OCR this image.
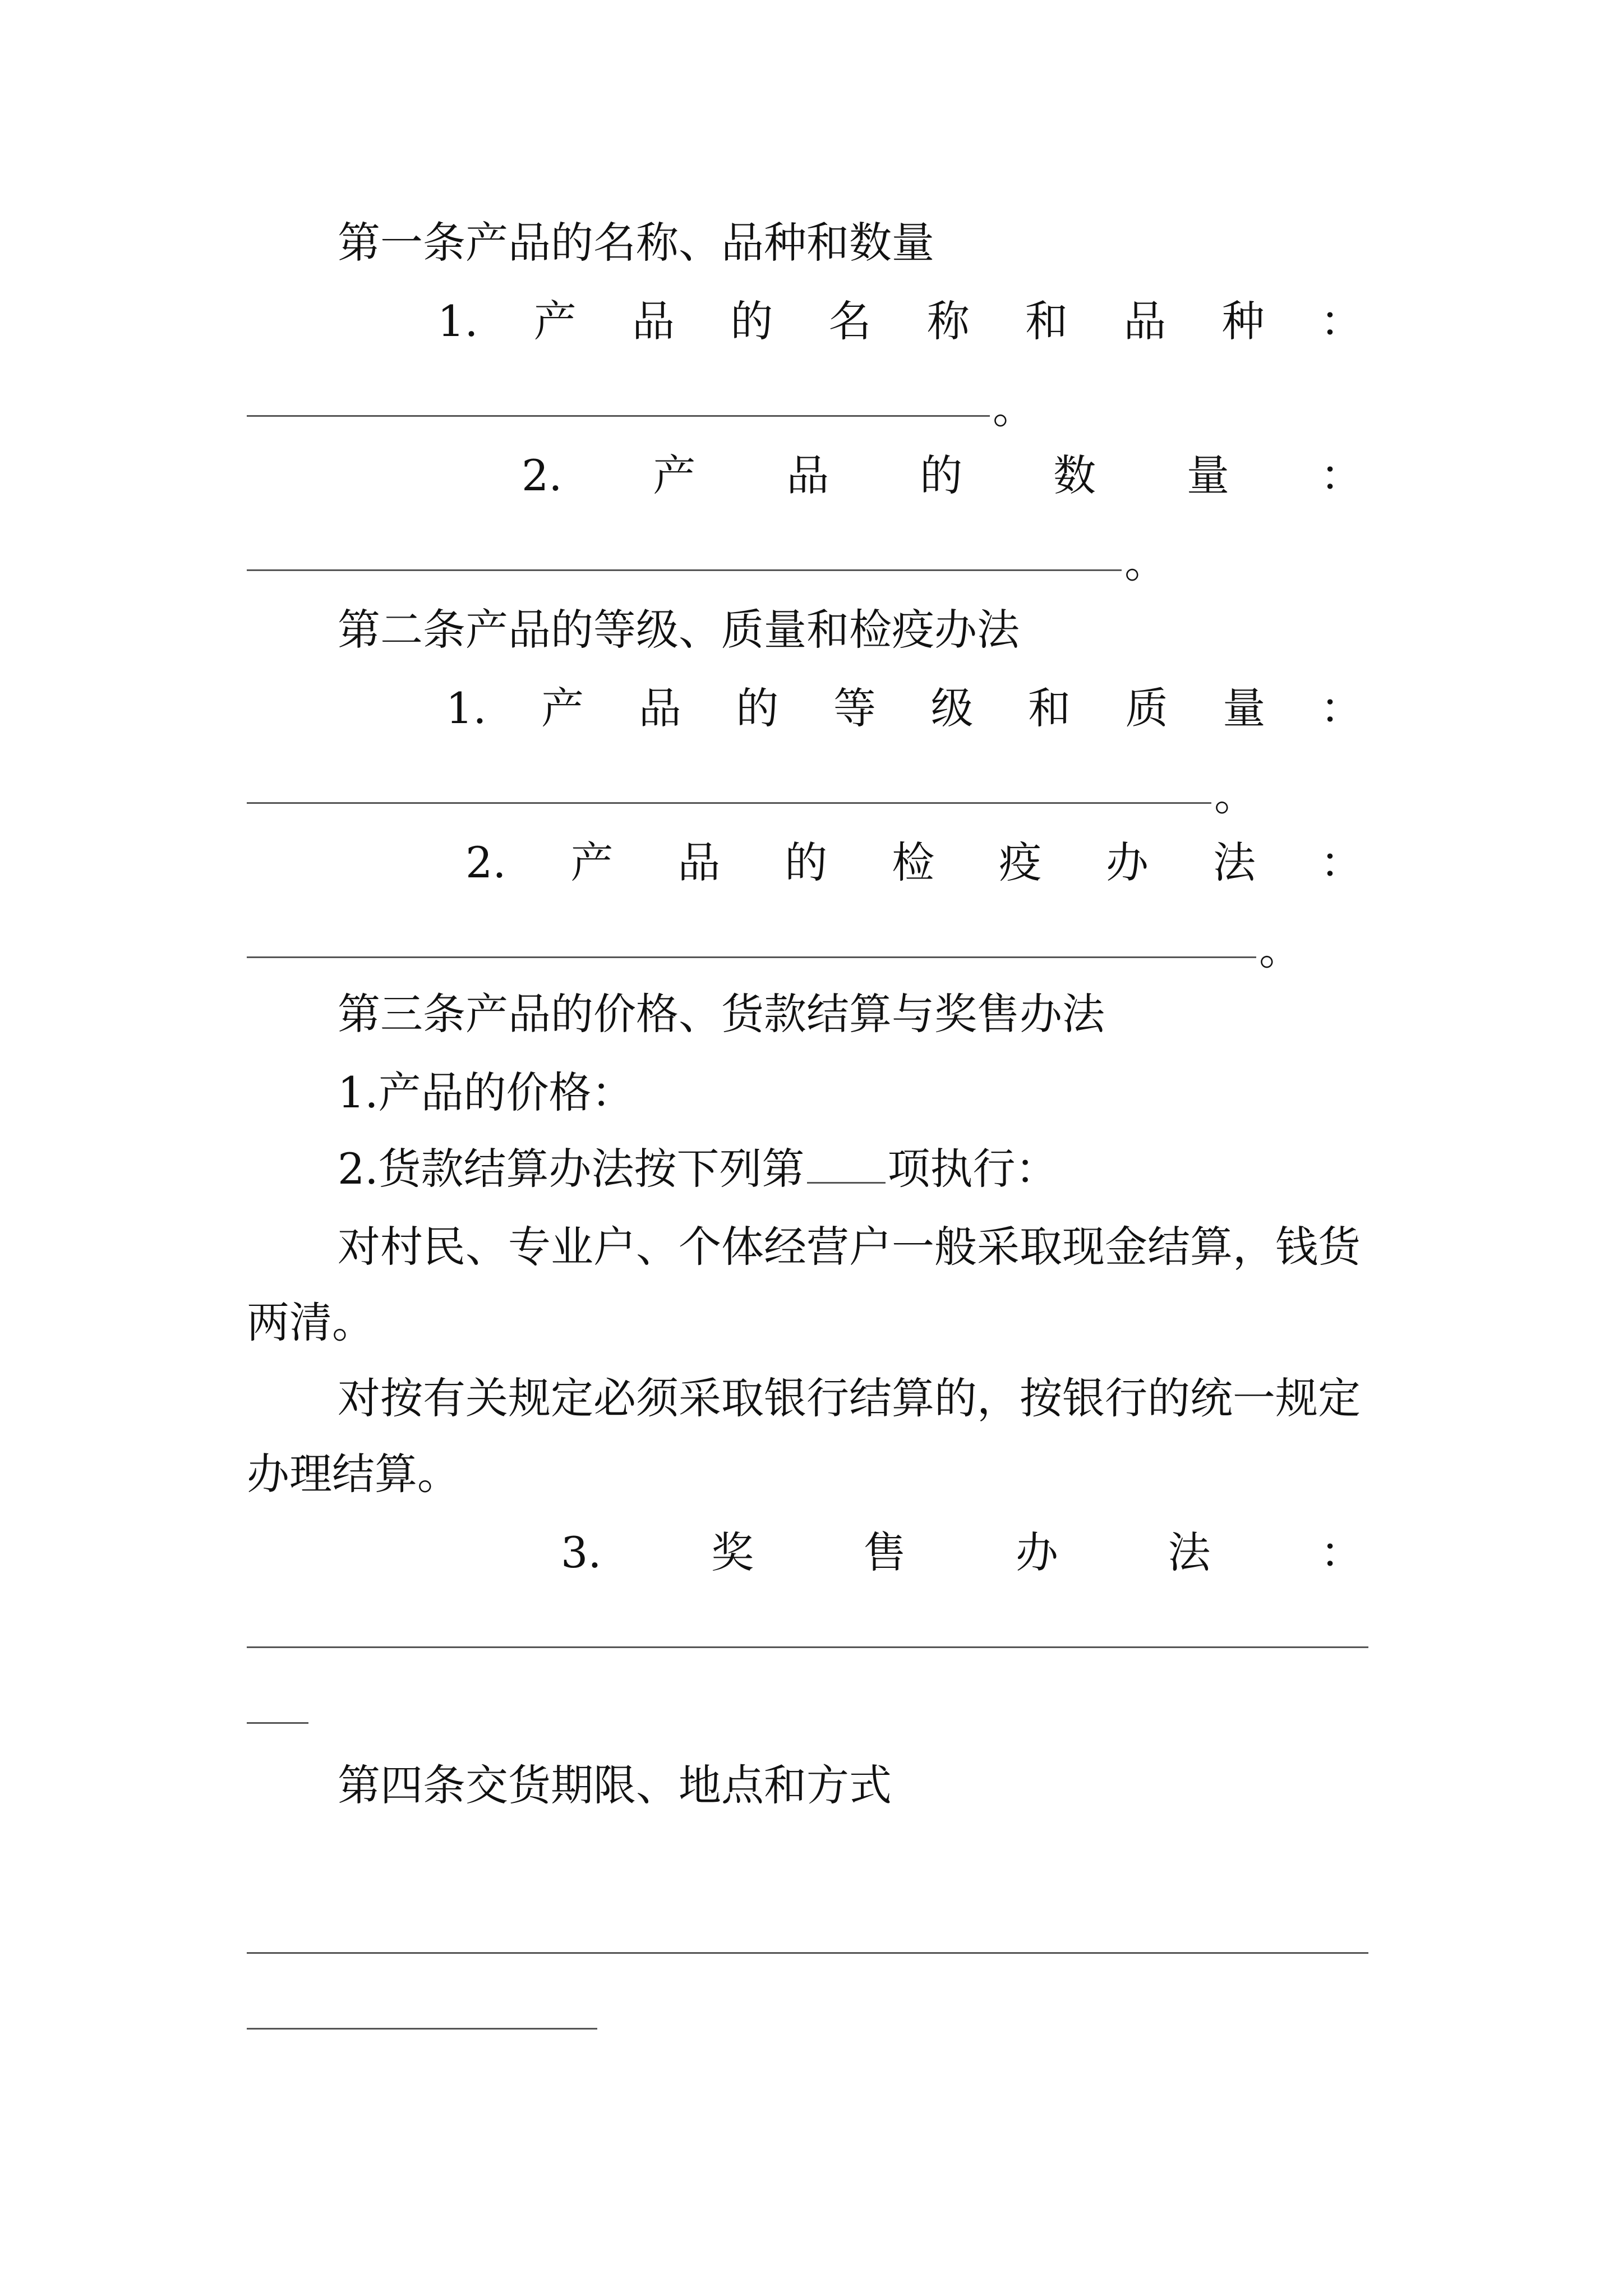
第一条产品的名称、品种和数量
1. 产 品 的 名 称 和 品 种 ：
。
2. 产 品 的 数 量 ：
。
第二条产品的等级、质量和检疫办法
1. 产 品 的 等 级 和 质 量 ：
。
2. 产 品 的 检 疫 办 法 ：
。
第三条产品的价格、货款结算与奖售办法
1.产品的价格：
2.货款结算办法按下列第 项执行：
对村民、专业户、个体经营户一般采取现金结算，钱货
两清。
对按有关规定必须采取银行结算的，按银行的统一规定
办理结算。
3.	奖	售	办	法	：
第四条交货期限、地点和方式
